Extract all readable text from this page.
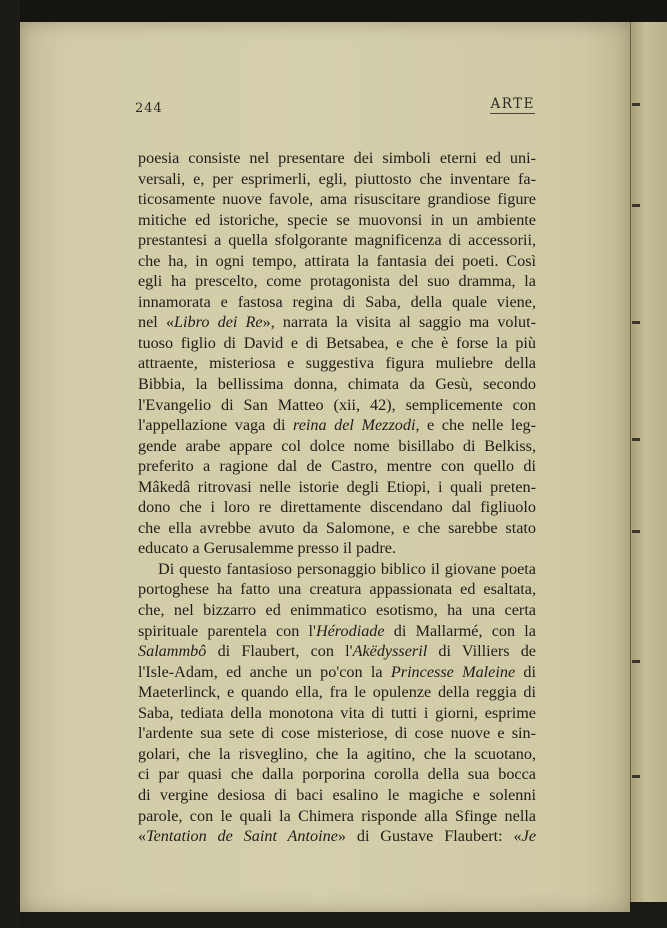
244	ARTE

poesia consiste nel presentare dei simboli eterni ed uni-
versali, e, per esprimerli, egli, piuttosto che inventare fa-
ticosamente nuove favole, ama risuscitare grandiose figure
mitiche ed istoriche, specie se muovonsi in un ambiente
prestantesi a quella sfolgorante magnificenza di accessorii,
che ha, in ogni tempo, attirata la fantasia dei poeti. Così
egli ha prescelto, come protagonista del suo dramma, la
innamorata e fastosa regina di Saba, della quale viene,
nel «Libro dei Re», narrata la visita al saggio ma volut-
tuoso figlio di David e di Betsabea, e che è forse la più
attraente, misteriosa e suggestiva figura muliebre della
Bibbia, la bellissima donna, chimata da Gesù, secondo
l'Evangelio di San Matteo (xii, 42), semplicemente con
l'appellazione vaga di reina del Mezzodi, e che nelle leg-
gende arabe appare col dolce nome bisillabo di Belkiss,
preferito a ragione dal de Castro, mentre con quello di
Mâkedâ ritrovasi nelle istorie degli Etiopi, i quali preten-
dono che i loro re direttamente discendano dal figliuolo
che ella avrebbe avuto da Salomone, e che sarebbe stato
educato a Gerusalemme presso il padre.

Di questo fantasioso personaggio biblico il giovane poeta
portoghese ha fatto una creatura appassionata ed esaltata,
che, nel bizzarro ed enimmatico esotismo, ha una certa
spirituale parentela con l'Hérodiade di Mallarmé, con la
Salammbô di Flaubert, con l'Akëdysseril di Villiers de
l'Isle-Adam, ed anche un po'con la Princesse Maleine di
Maeterlinck, e quando ella, fra le opulenze della reggia di
Saba, tediata della monotona vita di tutti i giorni, esprime
l'ardente sua sete di cose misteriose, di cose nuove e sin-
golari, che la risveglino, che la agitino, che la scuotano,
ci par quasi che dalla porporina corolla della sua bocca
di vergine desiosa di baci esalino le magiche e solenni
parole, con le quali la Chimera risponde alla Sfinge nella
«Tentation de Saint Antoine» di Gustave Flaubert: «Je
